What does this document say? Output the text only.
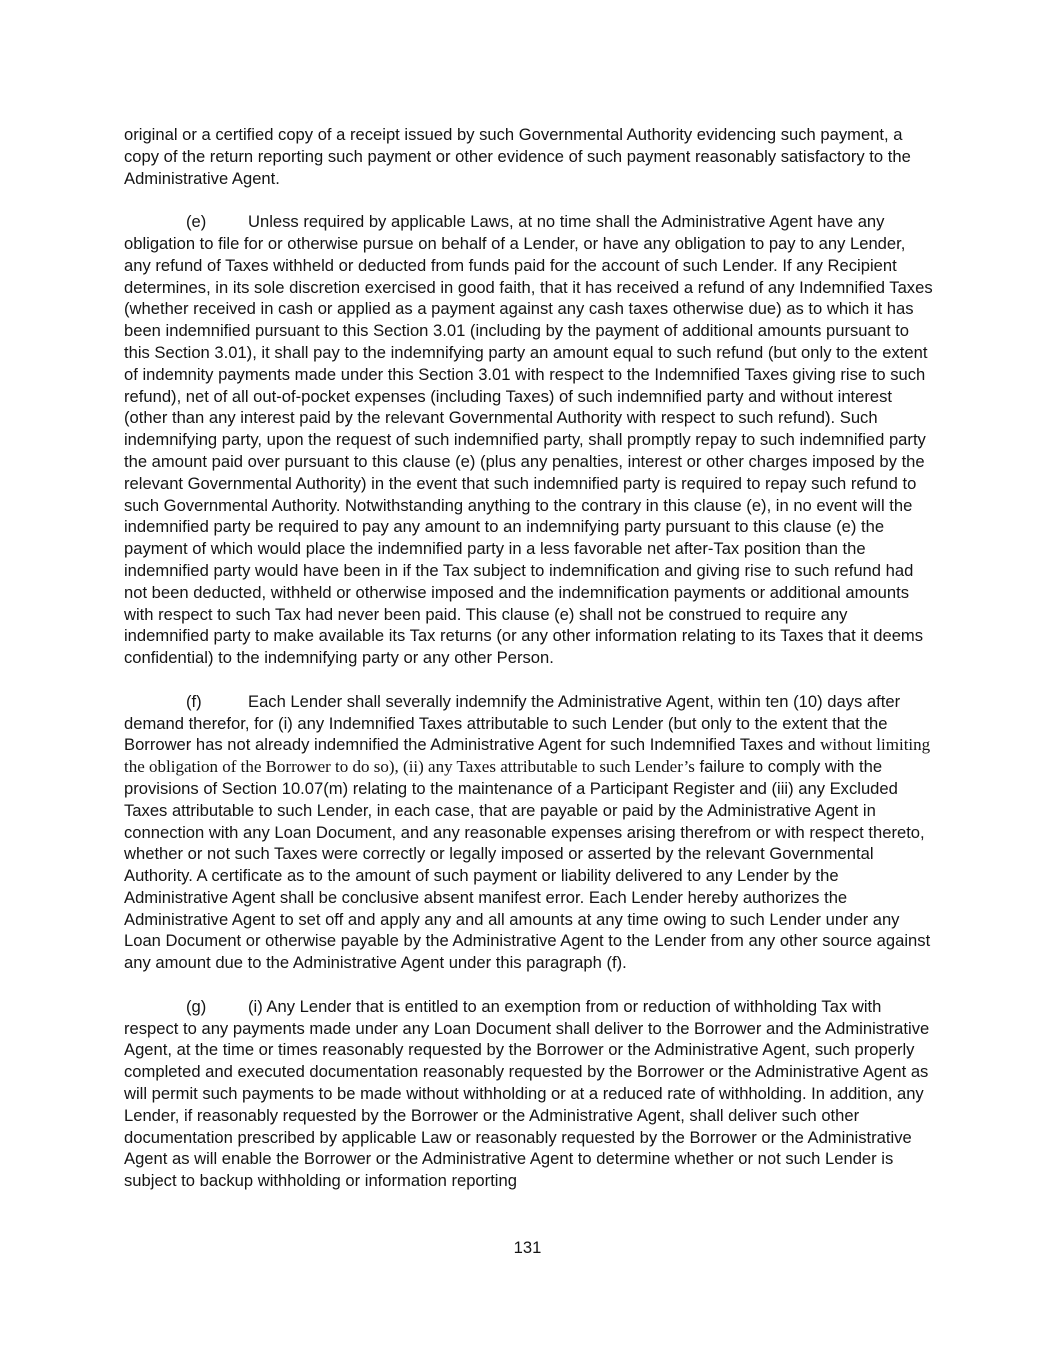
original or a certified copy of a receipt issued by such Governmental Authority evidencing such payment, a copy of the return reporting such payment or other evidence of such payment reasonably satisfactory to the Administrative Agent.

(e)	Unless required by applicable Laws, at no time shall the Administrative Agent have any obligation to file for or otherwise pursue on behalf of a Lender, or have any obligation to pay to any Lender, any refund of Taxes withheld or deducted from funds paid for the account of such Lender. If any Recipient determines, in its sole discretion exercised in good faith, that it has received a refund of any Indemnified Taxes (whether received in cash or applied as a payment against any cash taxes otherwise due) as to which it has been indemnified pursuant to this Section 3.01 (including by the payment of additional amounts pursuant to this Section 3.01), it shall pay to the indemnifying party an amount equal to such refund (but only to the extent of indemnity payments made under this Section 3.01 with respect to the Indemnified Taxes giving rise to such refund), net of all out-of-pocket expenses (including Taxes) of such indemnified party and without interest (other than any interest paid by the relevant Governmental Authority with respect to such refund). Such indemnifying party, upon the request of such indemnified party, shall promptly repay to such indemnified party the amount paid over pursuant to this clause (e) (plus any penalties, interest or other charges imposed by the relevant Governmental Authority) in the event that such indemnified party is required to repay such refund to such Governmental Authority. Notwithstanding anything to the contrary in this clause (e), in no event will the indemnified party be required to pay any amount to an indemnifying party pursuant to this clause (e) the payment of which would place the indemnified party in a less favorable net after-Tax position than the indemnified party would have been in if the Tax subject to indemnification and giving rise to such refund had not been deducted, withheld or otherwise imposed and the indemnification payments or additional amounts with respect to such Tax had never been paid. This clause (e) shall not be construed to require any indemnified party to make available its Tax returns (or any other information relating to its Taxes that it deems confidential) to the indemnifying party or any other Person.

(f)	Each Lender shall severally indemnify the Administrative Agent, within ten (10) days after demand therefor, for (i) any Indemnified Taxes attributable to such Lender (but only to the extent that the Borrower has not already indemnified the Administrative Agent for such Indemnified Taxes and without limiting the obligation of the Borrower to do so), (ii) any Taxes attributable to such Lender’s failure to comply with the provisions of Section 10.07(m) relating to the maintenance of a Participant Register and (iii) any Excluded Taxes attributable to such Lender, in each case, that are payable or paid by the Administrative Agent in connection with any Loan Document, and any reasonable expenses arising therefrom or with respect thereto, whether or not such Taxes were correctly or legally imposed or asserted by the relevant Governmental Authority. A certificate as to the amount of such payment or liability delivered to any Lender by the Administrative Agent shall be conclusive absent manifest error. Each Lender hereby authorizes the Administrative Agent to set off and apply any and all amounts at any time owing to such Lender under any Loan Document or otherwise payable by the Administrative Agent to the Lender from any other source against any amount due to the Administrative Agent under this paragraph (f).

(g)	(i) Any Lender that is entitled to an exemption from or reduction of withholding Tax with respect to any payments made under any Loan Document shall deliver to the Borrower and the Administrative Agent, at the time or times reasonably requested by the Borrower or the Administrative Agent, such properly completed and executed documentation reasonably requested by the Borrower or the Administrative Agent as will permit such payments to be made without withholding or at a reduced rate of withholding. In addition, any Lender, if reasonably requested by the Borrower or the Administrative Agent, shall deliver such other documentation prescribed by applicable Law or reasonably requested by the Borrower or the Administrative Agent as will enable the Borrower or the Administrative Agent to determine whether or not such Lender is subject to backup withholding or information reporting

131
